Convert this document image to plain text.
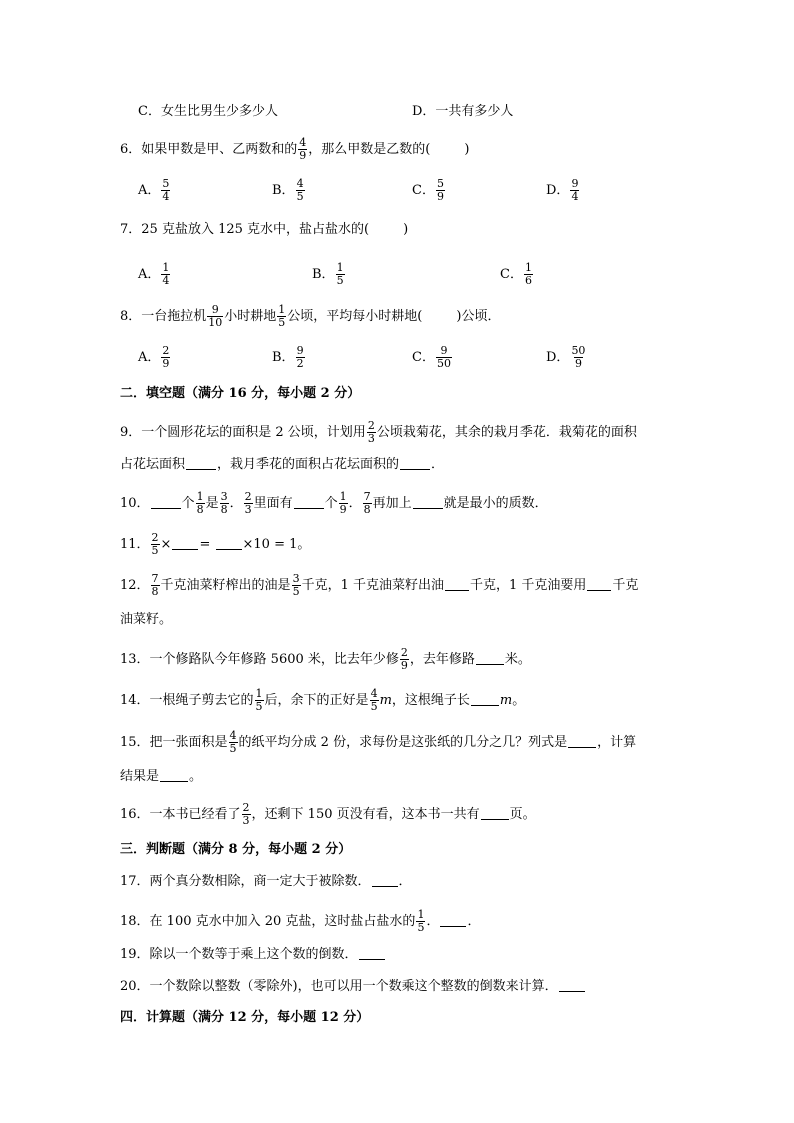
C．女生比男生少多少人	D．一共有多少人
6．如果甲数是甲、乙两数和的 $\frac{4}{9}$ ，那么甲数是乙数的(	)
A． $\frac{5}{4}$	B． $\frac{4}{5}$	C． $\frac{5}{9}$	D． $\frac{9}{4}$
7．25 克盐放入 125 克水中，盐占盐水的(	)
A． $\frac{1}{4}$	B． $\frac{1}{5}$	C． $\frac{1}{6}$
8．一台拖拉机 $\frac{9}{10}$ 小时耕地 $\frac{1}{5}$ 公顷，平均每小时耕地(	)公顷．
A． $\frac{2}{9}$	B． $\frac{9}{2}$	C． $\frac{9}{50}$	D． $\frac{50}{9}$
二．填空题（满分 16 分，每小题 2 分）
9．一个圆形花坛的面积是 2 公顷，计划用 $\frac{2}{3}$ 公顷栽菊花，其余的栽月季花．栽菊花的面积
占花坛面积 ，栽月季花的面积占花坛面积的 ．
10． 个 $\frac{1}{8}$ 是 $\frac{3}{8}$ ． $\frac{2}{3}$ 里面有 个 $\frac{1}{9}$ ． $\frac{7}{8}$ 再加上 就是最小的质数．
11． $\frac{2}{5}$ × = ×10 = 1。
12． $\frac{7}{8}$ 千克油菜籽榨出的油是 $\frac{3}{5}$ 千克，1 千克油菜籽出油 千克，1 千克油要用 千克
油菜籽。
13．一个修路队今年修路 5600 米，比去年少修 $\frac{2}{9}$ ，去年修路 米。
14．一根绳子剪去它的 $\frac{1}{5}$ 后，余下的正好是 $\frac{4}{5}$ m，这根绳子长 m。
15．把一张面积是 $\frac{4}{5}$ 的纸平均分成 2 份，求每份是这张纸的几分之几？列式是 ，计算
结果是 。
16．一本书已经看了 $\frac{2}{3}$ ，还剩下 150 页没有看，这本书一共有 页。
三．判断题（满分 8 分，每小题 2 分）
17．两个真分数相除，商一定大于被除数． ．
18．在 100 克水中加入 20 克盐，这时盐占盐水的 $\frac{1}{5}$ ． ．
19．除以一个数等于乘上这个数的倒数．
20．一个数除以整数（零除外)，也可以用一个数乘这个整数的倒数来计算．
四．计算题（满分 12 分，每小题 12 分）
